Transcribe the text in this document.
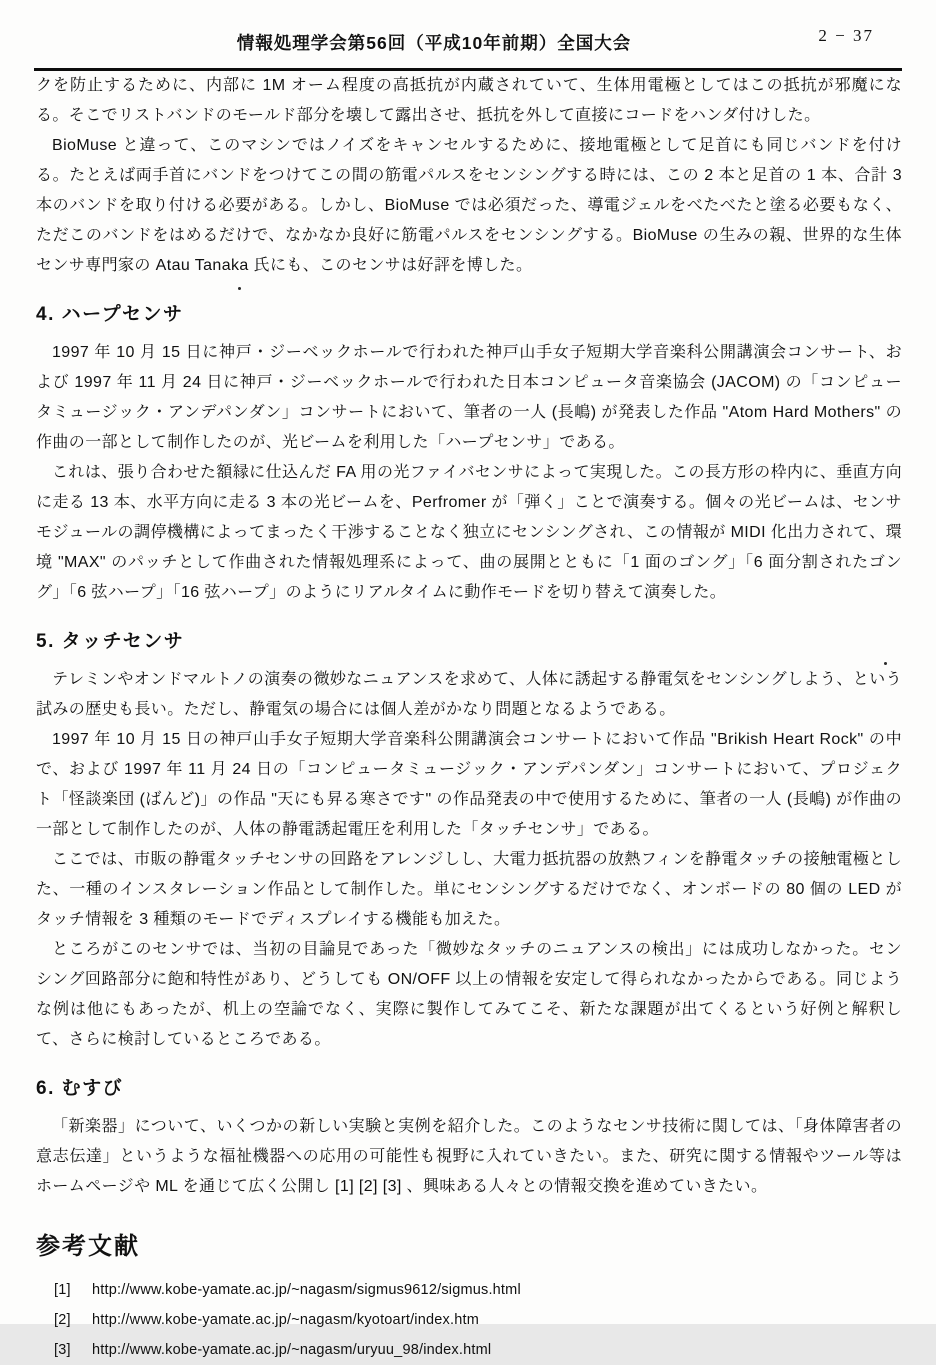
情報処理学会第56回（平成10年前期）全国大会	2 − 37

クを防止するために、内部に 1M オーム程度の高抵抗が内蔵されていて、生体用電極としてはこの抵抗が邪魔になる。そこでリストバンドのモールド部分を壊して露出させ、抵抗を外して直接にコードをハンダ付けした。

BioMuse と違って、このマシンではノイズをキャンセルするために、接地電極として足首にも同じバンドを付ける。たとえば両手首にバンドをつけてこの間の筋電パルスをセンシングする時には、この 2 本と足首の 1 本、合計 3 本のバンドを取り付ける必要がある。しかし、BioMuse では必須だった、導電ジェルをべたべたと塗る必要もなく、ただこのバンドをはめるだけで、なかなか良好に筋電パルスをセンシングする。BioMuse の生みの親、世界的な生体センサ専門家の Atau Tanaka 氏にも、このセンサは好評を博した。

4. ハープセンサ

1997 年 10 月 15 日に神戸・ジーベックホールで行われた神戸山手女子短期大学音楽科公開講演会コンサート、および 1997 年 11 月 24 日に神戸・ジーベックホールで行われた日本コンピュータ音楽協会 (JACOM) の「コンピュータミュージック・アンデパンダン」コンサートにおいて、筆者の一人 (長嶋) が発表した作品 "Atom Hard Mothers" の作曲の一部として制作したのが、光ビームを利用した「ハープセンサ」である。

これは、張り合わせた額縁に仕込んだ FA 用の光ファイバセンサによって実現した。この長方形の枠内に、垂直方向に走る 13 本、水平方向に走る 3 本の光ビームを、Perfromer が「弾く」ことで演奏する。個々の光ビームは、センサモジュールの調停機構によってまったく干渉することなく独立にセンシングされ、この情報が MIDI 化出力されて、環境 "MAX" のパッチとして作曲された情報処理系によって、曲の展開とともに「1 面のゴング」「6 面分割されたゴング」「6 弦ハープ」「16 弦ハープ」のようにリアルタイムに動作モードを切り替えて演奏した。

5. タッチセンサ

テレミンやオンドマルトノの演奏の微妙なニュアンスを求めて、人体に誘起する静電気をセンシングしよう、という試みの歴史も長い。ただし、静電気の場合には個人差がかなり問題となるようである。

1997 年 10 月 15 日の神戸山手女子短期大学音楽科公開講演会コンサートにおいて作品 "Brikish Heart Rock" の中で、および 1997 年 11 月 24 日の「コンピュータミュージック・アンデパンダン」コンサートにおいて、プロジェクト「怪談楽団 (ばんど)」の作品 "天にも昇る寒さです" の作品発表の中で使用するために、筆者の一人 (長嶋) が作曲の一部として制作したのが、人体の静電誘起電圧を利用した「タッチセンサ」である。

ここでは、市販の静電タッチセンサの回路をアレンジしし、大電力抵抗器の放熱フィンを静電タッチの接触電極とした、一種のインスタレーション作品として制作した。単にセンシングするだけでなく、オンボードの 80 個の LED がタッチ情報を 3 種類のモードでディスプレイする機能も加えた。

ところがこのセンサでは、当初の目論見であった「微妙なタッチのニュアンスの検出」には成功しなかった。センシング回路部分に飽和特性があり、どうしても ON/OFF 以上の情報を安定して得られなかったからである。同じような例は他にもあったが、机上の空論でなく、実際に製作してみてこそ、新たな課題が出てくるという好例と解釈して、さらに検討しているところである。

6. むすび

「新楽器」について、いくつかの新しい実験と実例を紹介した。このようなセンサ技術に関しては、「身体障害者の意志伝達」というような福祉機器への応用の可能性も視野に入れていきたい。また、研究に関する情報やツール等はホームページや ML を通じて広く公開し [1] [2] [3] 、興味ある人々との情報交換を進めていきたい。

参考文献
[1]	http://www.kobe-yamate.ac.jp/~nagasm/sigmus9612/sigmus.html
[2]	http://www.kobe-yamate.ac.jp/~nagasm/kyotoart/index.htm
[3]	http://www.kobe-yamate.ac.jp/~nagasm/uryuu_98/index.html
